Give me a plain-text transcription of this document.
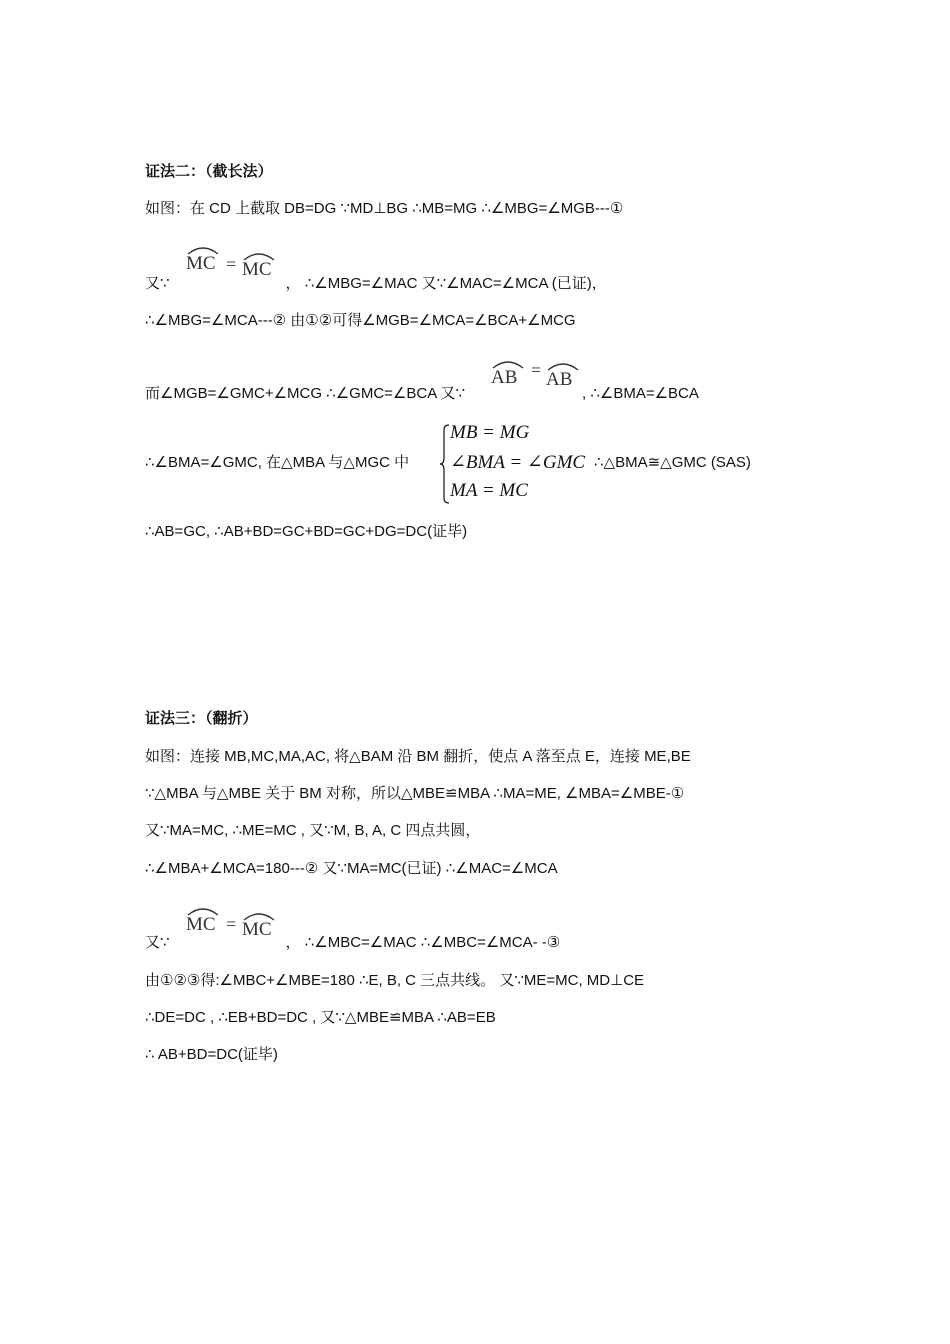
证法二：（截长法）
如图：在 CD 上截取 DB=DG ∵MD⊥BG ∴MB=MG ∴∠MBG=∠MGB---①
MC = MC
又∵	， ∴∠MBG=∠MAC 又∵∠MAC=∠MCA (已证)，
∴∠MBG=∠MCA---② 由①②可得∠MGB=∠MCA=∠BCA+∠MCG
AB = AB
而∠MGB=∠GMC+∠MCG ∴∠GMC=∠BCA 又∵	, ∴∠BMA=∠BCA
∴∠BMA=∠GMC, 在△MBA 与△MGC 中
MB = MG
∠BMA = ∠GMC
MA = MC
∴△BMA≅△GMC (SAS)
∴AB=GC, ∴AB+BD=GC+BD=GC+DG=DC(证毕)
证法三：（翻折）
如图：连接 MB,MC,MA,AC, 将△BAM 沿 BM 翻折，使点 A 落至点 E，连接 ME,BE
∵△MBA 与△MBE 关于 BM 对称，所以△MBE≌MBA ∴MA=ME, ∠MBA=∠MBE-①
又∵MA=MC, ∴ME=MC , 又∵M, B, A, C 四点共圆，
∴∠MBA+∠MCA=180---② 又∵MA=MC(已证) ∴∠MAC=∠MCA
MC = MC
又∵	， ∴∠MBC=∠MAC ∴∠MBC=∠MCA- -③
由①②③得:∠MBC+∠MBE=180 ∴E, B, C 三点共线。 又∵ME=MC, MD⊥CE
∴DE=DC , ∴EB+BD=DC , 又∵△MBE≌MBA ∴AB=EB
∴ AB+BD=DC(证毕)
